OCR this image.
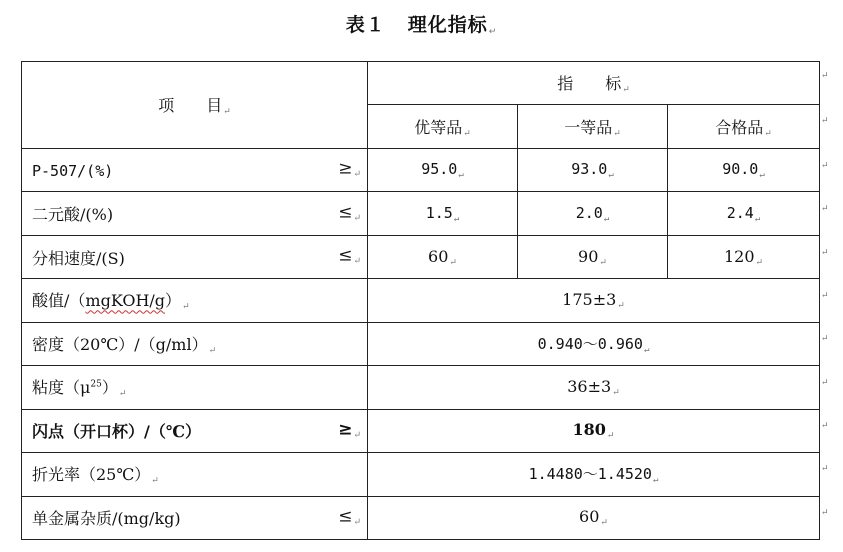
表１ 理化指标↵
项　　目↵	指　　标↵		
	优等品↵	一等品↵	合格品↵
P-507/(%) ≥↵	$95.0_↵$	$93.0_↵$	$90.0_↵$
二元酸/(%) ≤↵	$1.5_↵$	$2.0_↵$	$2.4_↵$
分相速度/(S) ≤↵	60↵	90↵	120↵
酸值/（mgKOH/g）↵	175±3↵		
密度（20℃）/（g/ml）↵	$0.940\sim 0.960_↵$
粘度$(\mu^{25})↵$	36±3↵		
闪点（开口杯）/（℃） ≥↵	180↵		
折光率（25℃）↵	$1.4480\sim 1.4520_↵$
单金属杂质/(mg/kg) ≤↵	60↵		
↵
↵
↵
↵
↵
↵
↵
↵
↵
↵
↵
